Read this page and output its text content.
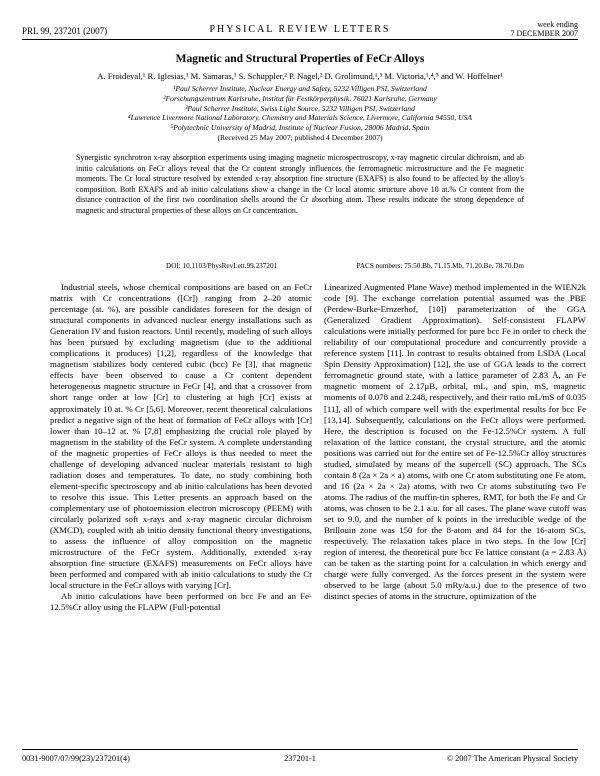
PRL 99, 237201 (2007)	PHYSICAL REVIEW LETTERS	week ending
7 DECEMBER 2007
Magnetic and Structural Properties of FeCr Alloys
A. Froideval,¹ R. Iglesias,¹ M. Samaras,¹ S. Schuppler,² P. Nagel,² D. Grolimund,¹,³ M. Victoria,¹,⁴,⁵ and W. Hoffelner¹
¹Paul Scherrer Institute, Nuclear Energy and Safety, 5232 Villigen PSI, Switzerland
²Forschungszentrum Karlsruhe, Institut für Festkörperphysik, 76021 Karlsruhe, Germany
³Paul Scherrer Institute, Swiss Light Source, 5232 Villigen PSI, Switzerland
⁴Lawrence Livermore National Laboratory, Chemistry and Materials Science, Livermore, California 94550, USA
⁵Polytechnic University of Madrid, Institute of Nuclear Fusion, 28006 Madrid, Spain
(Received 25 May 2007; published 4 December 2007)
Synergistic synchrotron x-ray absorption experiments using imaging magnetic microspectroscopy, x-ray magnetic circular dichroism, and ab initio calculations on FeCr alloys reveal that the Cr content strongly influences the ferromagnetic microstructure and the Fe magnetic moments. The Cr local structure resolved by extended x-ray absorption fine structure (EXAFS) is also found to be affected by the alloy's composition. Both EXAFS and ab initio calculations show a change in the Cr local atomic structure above 10 at.% Cr content from the distance contraction of the first two coordination shells around the Cr absorbing atom. These results indicate the strong dependence of magnetic and structural properties of these alloys on Cr concentration.
DOI: 10.1103/PhysRevLett.99.237201	PACS numbers: 75.50.Bb, 71.15.Mb, 71.20.Be, 78.70.Dm

Industrial steels, whose chemical compositions are based on an FeCr matrix with Cr concentrations ([Cr]) ranging from 2–20 atomic percentage (at. %), are possible candidates foreseen for the design of structural components in advanced nuclear energy installations such as Generation IV and fusion reactors. Until recently, modeling of such alloys has been pursued by excluding magnetism (due to the additional complications it produces) [1,2], regardless of the knowledge that magnetism stabilizes body centered cubic (bcc) Fe [3], that magnetic effects have been observed to cause a Cr content dependent heterogeneous magnetic structure in FeCr [4], and that a crossover from short range order at low [Cr] to clustering at high [Cr] exists at approximately 10 at. % Cr [5,6]. Moreover, recent theoretical calculations predict a negative sign of the heat of formation of FeCr alloys with [Cr] lower than 10–12 at. % [7,8] emphasizing the crucial role played by magnetism in the stability of the FeCr system. A complete understanding of the magnetic properties of FeCr alloys is thus needed to meet the challenge of developing advanced nuclear materials resistant to high radiation doses and temperatures. To date, no study combining both element-specific spectroscopy and ab initio calculations has been devoted to resolve this issue. This Letter presents an approach based on the complementary use of photoemission electron microscopy (PEEM) with circularly polarized soft x-rays and x-ray magnetic circular dichroism (XMCD), coupled with ab initio density functional theory investigations, to assess the influence of alloy composition on the magnetic microstructure of the FeCr system. Additionally, extended x-ray absorption fine structure (EXAFS) measurements on FeCr alloys have been performed and compared with ab initio calculations to study the Cr local structure in the FeCr alloys with varying [Cr].

Ab initio calculations have been performed on bcc Fe and an Fe-12.5%Cr alloy using the FLAPW (Full-potential

Linearized Augmented Plane Wave) method implemented in the WIEN2k code [9]. The exchange correlation potential assumed was the PBE (Perdew-Burke-Ernzerhof, [10]) parameterization of the GGA (Generalized Gradient Approximation). Self-consistent FLAPW calculations were initially performed for pure bcc Fe in order to check the reliability of our computational procedure and concurrently provide a reference system [11]. In contrast to results obtained from LSDA (Local Spin Density Approximation) [12], the use of GGA leads to the correct ferromagnetic ground state, with a lattice parameter of 2.83 Å, an Fe magnetic moment of 2.17μB, orbital, mL, and spin, mS, magnetic moments of 0.078 and 2.248, respectively, and their ratio mL/mS of 0.035 [11], all of which compare well with the experimental results for bcc Fe [13,14]. Subsequently, calculations on the FeCr alloys were performed. Here, the description is focused on the Fe-12.5%Cr system. A full relaxation of the lattice constant, the crystal structure, and the atomic positions was carried out for the entire set of Fe-12.5%Cr alloy structures studied, simulated by means of the supercell (SC) approach. The SCs contain 8 (2a × 2a × a) atoms, with one Cr atom substituting one Fe atom, and 16 (2a × 2a × 2a) atoms, with two Cr atoms substituting two Fe atoms. The radius of the muffin-tin spheres, RMT, for both the Fe and Cr atoms, was chosen to be 2.1 a.u. for all cases. The plane wave cutoff was set to 9.0, and the number of k points in the irreducible wedge of the Brillouin zone was 150 for the 8-atom and 84 for the 16-atom SCs, respectively. The relaxation takes place in two steps. In the low [Cr] region of interest, the theoretical pure bcc Fe lattice constant (a = 2.83 Å) can be taken as the starting point for a calculation in which energy and charge were fully converged. As the forces present in the system were observed to be large (about 5.0 mRy/a.u.) due to the presence of two distinct species of atoms in the structure, optimization of the

0031-9007/07/99(23)/237201(4)	237201-1	© 2007 The American Physical Society
